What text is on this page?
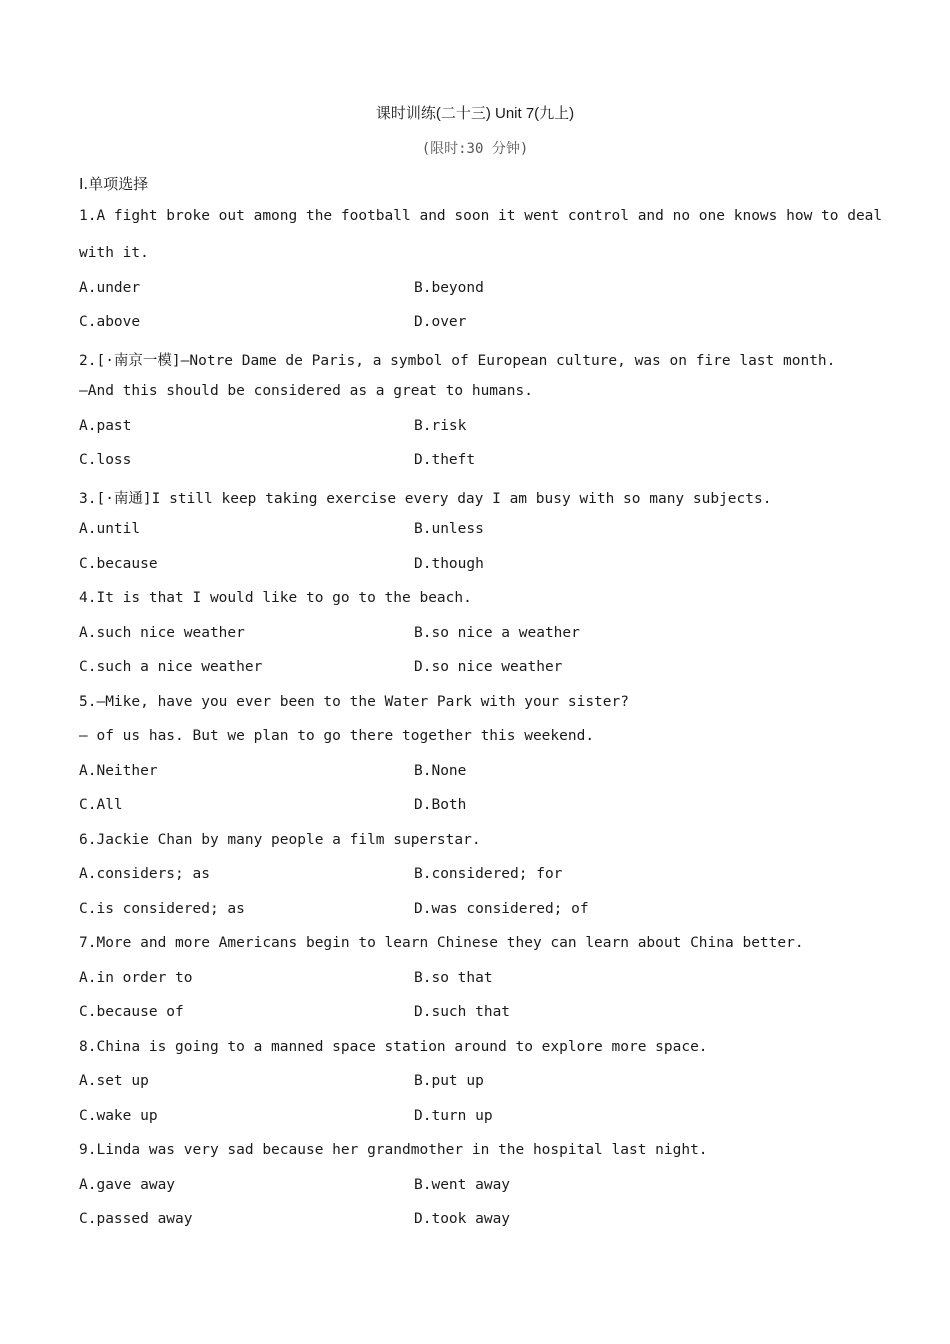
课时训练(二十三) Unit 7(九上)
(限时:30 分钟)
Ⅰ.单项选择
1.A fight broke out among the football and soon it went control and no one knows how to deal
with it.
A.under	B.beyond
C.above	D.over
2.[·南京一模]—Notre Dame de Paris, a symbol of European culture, was on fire last month.
—And this should be considered as a great to humans.
A.past	B.risk
C.loss	D.theft
3.[·南通]I still keep taking exercise every day I am busy with so many subjects.
A.until	B.unless
C.because	D.though
4.It is that I would like to go to the beach.
A.such nice weather	B.so nice a weather
C.such a nice weather	D.so nice weather
5.—Mike, have you ever been to the Water Park with your sister?
— of us has. But we plan to go there together this weekend.
A.Neither	B.None
C.All	D.Both
6.Jackie Chan by many people a film superstar.
A.considers; as	B.considered; for
C.is considered; as	D.was considered; of
7.More and more Americans begin to learn Chinese they can learn about China better.
A.in order to	B.so that
C.because of	D.such that
8.China is going to a manned space station around to explore more space.
A.set up	B.put up
C.wake up	D.turn up
9.Linda was very sad because her grandmother in the hospital last night.
A.gave away	B.went away
C.passed away	D.took away
